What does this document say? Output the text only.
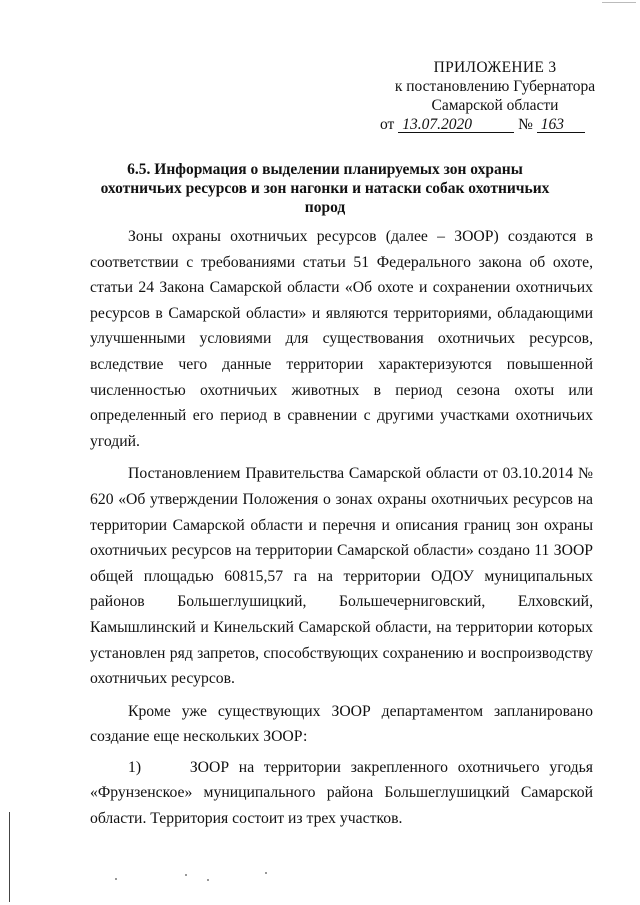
ПРИЛОЖЕНИЕ 3
к постановлению Губернатора
Самарской области
от 13.07.2020	№ 163
6.5. Информация о выделении планируемых зон охраны
охотничьих ресурсов и зон нагонки и натаски собак охотничьих пород

Зоны охраны охотничьих ресурсов (далее – ЗООР) создаются в соответствии с требованиями статьи 51 Федерального закона об охоте, статьи 24 Закона Самарской области «Об охоте и сохранении охотничьих ресурсов в Самарской области» и являются территориями, обладающими улучшенными условиями для существования охотничьих ресурсов, вследствие чего данные территории характеризуются повышенной численностью охотничьих животных в период сезона охоты или определенный его период в сравнении с другими участками охотничьих угодий.

Постановлением Правительства Самарской области от 03.10.2014 № 620 «Об утверждении Положения о зонах охраны охотничьих ресурсов на территории Самарской области и перечня и описания границ зон охраны охотничьих ресурсов на территории Самарской области» создано 11 ЗООР общей площадью 60815,57 га на территории ОДОУ муниципальных районов Большеглушицкий, Большечерниговский, Елховский, Камышлинский и Кинельский Самарской области, на территории которых установлен ряд запретов, способствующих сохранению и воспроизводству охотничьих ресурсов.

Кроме уже существующих ЗООР департаментом запланировано создание еще нескольких ЗООР:

1)     ЗООР на территории закрепленного охотничьего угодья «Фрунзенское» муниципального района Большеглушицкий Самарской области. Территория состоит из трех участков.
